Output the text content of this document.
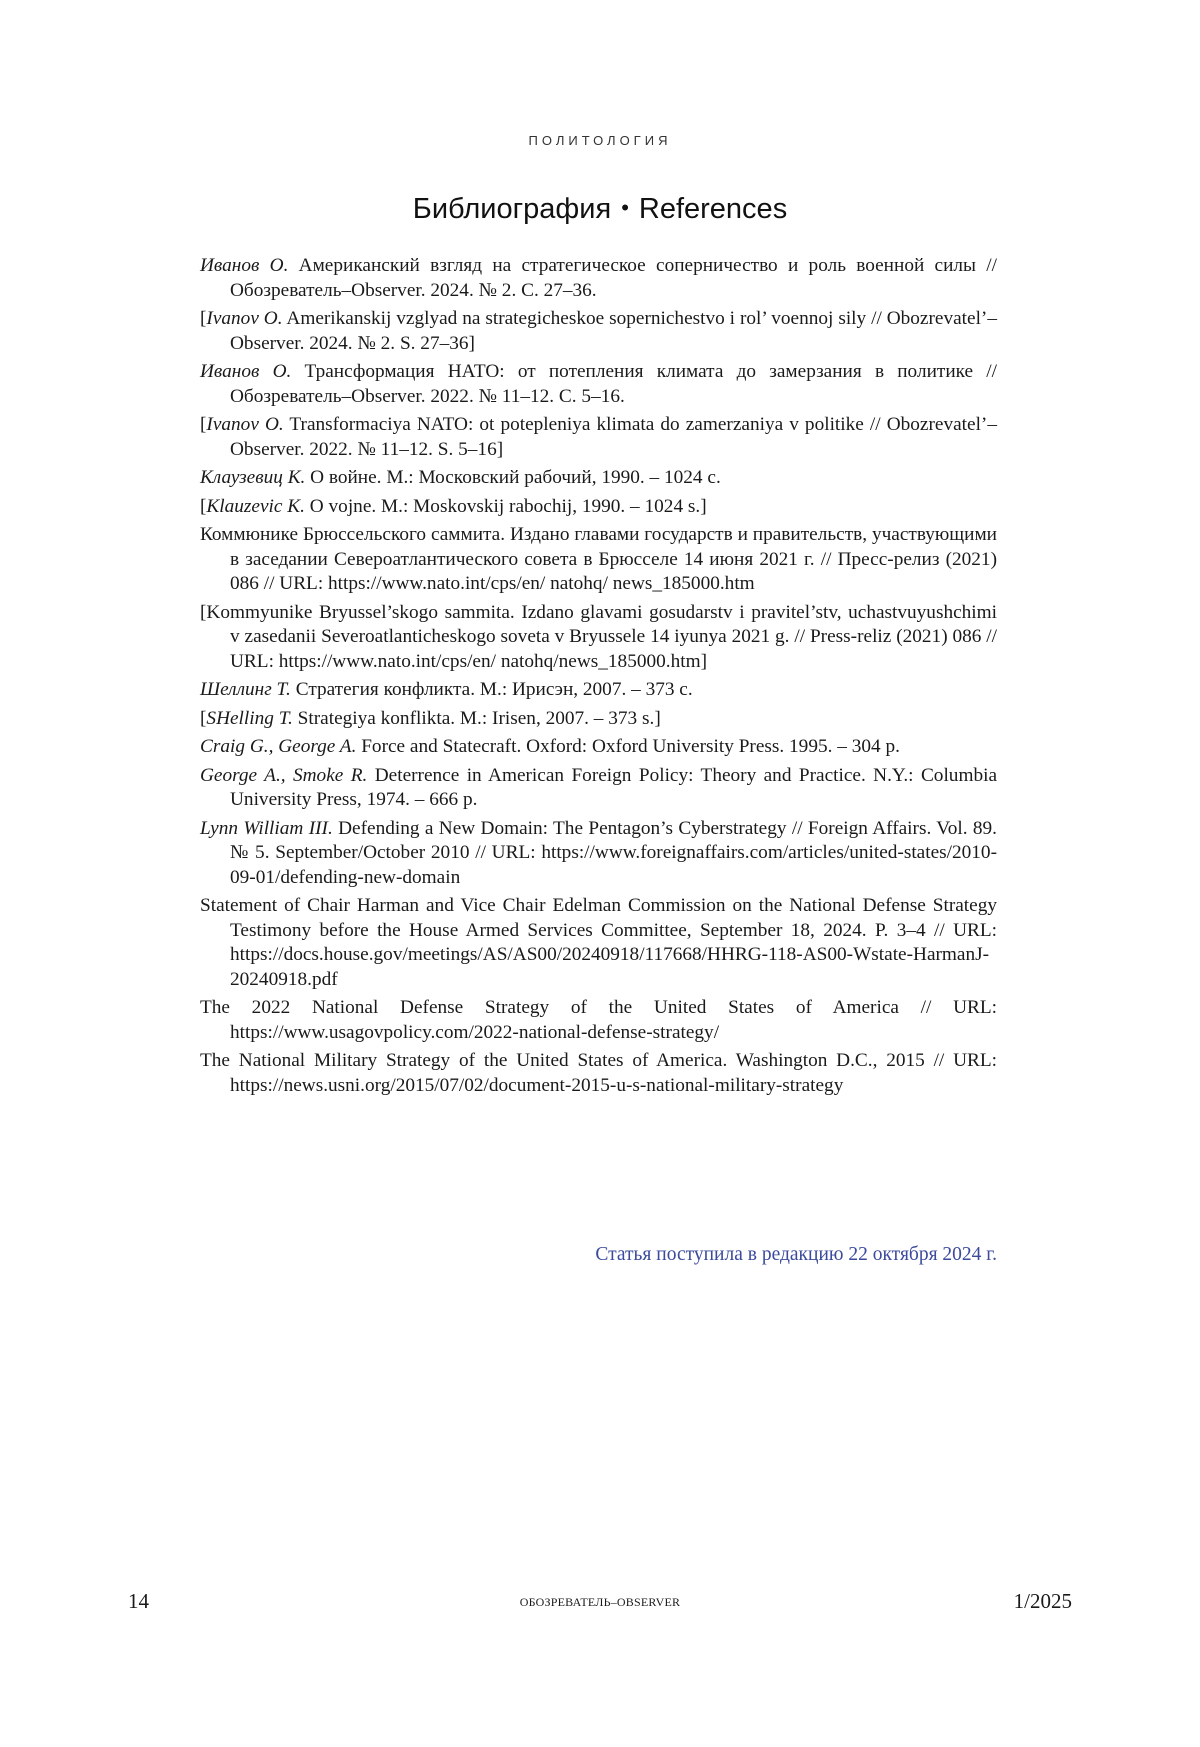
ПОЛИТОЛОГИЯ
Библиография • References

Иванов О. Американский взгляд на стратегическое соперничество и роль военной силы // Обозреватель–Observer. 2024. № 2. С. 27–36.

[Ivanov O. Amerikanskij vzglyad na strategicheskoe sopernichestvo i rol’ voennoj sily // Obozrevatel’–Observer. 2024. № 2. S. 27–36]

Иванов О. Трансформация НАТО: от потепления климата до замерзания в политике // Обозреватель–Observer. 2022. № 11–12. С. 5–16.

[Ivanov O. Transformaciya NATO: ot potepleniya klimata do zamerzaniya v politike // Obozrevatel’–Observer. 2022. № 11–12. S. 5–16]

Клаузевиц К. О войне. М.: Московский рабочий, 1990. – 1024 с.

[Klauzevic K. O vojne. M.: Moskovskij rabochij, 1990. – 1024 s.]

Коммюнике Брюссельского саммита. Издано главами государств и правительств, участвующими в заседании Североатлантического совета в Брюсселе 14 июня 2021 г. // Пресс-релиз (2021) 086 // URL: https://www.nato.int/cps/en/ natohq/ news_185000.htm

[Kommyunike Bryussel’skogo sammita. Izdano glavami gosudarstv i pravitel’stv, uchastvuyushchimi v zasedanii Severoatlanticheskogo soveta v Bryussele 14 iyunya 2021 g. // Press-reliz (2021) 086 // URL: https://www.nato.int/cps/en/ natohq/news_185000.htm]

Шеллинг Т. Стратегия конфликта. М.: Ирисэн, 2007. – 373 с.

[SHelling T. Strategiya konflikta. M.: Irisen, 2007. – 373 s.]

Craig G., George A. Force and Statecraft. Oxford: Oxford University Press. 1995. – 304 p.

George A., Smoke R. Deterrence in American Foreign Policy: Theory and Practice. N.Y.: Columbia University Press, 1974. – 666 p.

Lynn William III. Defending a New Domain: The Pentagon’s Cyberstrategy // Foreign Affairs. Vol. 89. № 5. September/October 2010 // URL: https://www.foreignaffairs.com/articles/united-states/2010-09-01/defending-new-domain

Statement of Chair Harman and Vice Chair Edelman Commission on the National Defense Strategy Testimony before the House Armed Services Committee, September 18, 2024. P. 3–4 // URL: https://docs.house.gov/meetings/AS/AS00/20240918/117668/HHRG-118-AS00-Wstate-HarmanJ-20240918.pdf

The 2022 National Defense Strategy of the United States of America // URL: https://www.usagovpolicy.com/2022-national-defense-strategy/

The National Military Strategy of the United States of America. Washington D.C., 2015 // URL: https://news.usni.org/2015/07/02/document-2015-u-s-national-military-strategy

Статья поступила в редакцию 22 октября 2024 г.
14	ОБОЗРЕВАТЕЛЬ–OBSERVER	1/2025
